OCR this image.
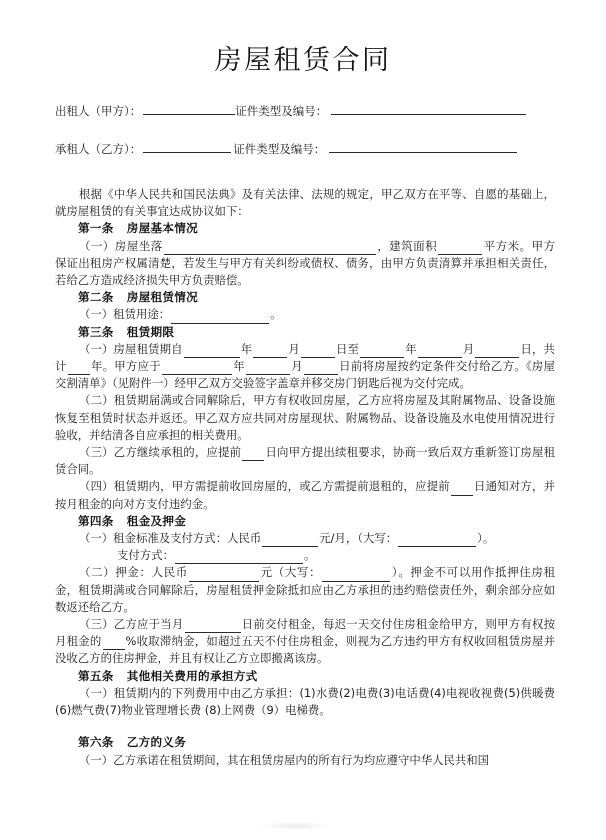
房屋租赁合同
出租人（甲方）：	证件类型及编号：
承租人（乙方）：	证件类型及编号：

根据《中华人民共和国民法典》及有关法律、法规的规定，甲乙双方在平等、自愿的基础上，就房屋租赁的有关事宜达成协议如下：

第一条 房屋基本情况

（一）房屋坐落	，建筑面积	平方米。甲方保证出租房产权属清楚，若发生与甲方有关纠纷或债权、债务，由甲方负责清算并承担相关责任，若给乙方造成经济损失甲方负责赔偿。

第二条 房屋租赁情况

（一）租赁用途：	。

第三条 租赁期限

（一）房屋租赁期自	年	月	日至	年	月	日，共计 年。甲方应于	年	月	日前将房屋按约定条件交付给乙方。《房屋交割清单》（见附件一）经甲乙双方交验签字盖章并移交房门钥匙后视为交付完成。

（二）租赁期届满或合同解除后，甲方有权收回房屋，乙方应将房屋及其附属物品、设备设施恢复至租赁时状态并返还。甲乙双方应共同对房屋现状、附属物品、设备设施及水电使用情况进行验收，并结清各自应承担的相关费用。

（三）乙方继续承租的，应提前 日向甲方提出续租要求，协商一致后双方重新签订房屋租赁合同。

（四）租赁期内，甲方需提前收回房屋的，或乙方需提前退租的，应提前 日通知对方，并按月租金的向对方支付违约金。

第四条 租金及押金

（一）租金标准及支付方式：人民币	元/月，（大写：	）。

支付方式：	。

（二）押金：人民币	元（大写：	）。押金不可以用作抵押住房租金，租赁期满或合同解除后，房屋租赁押金除抵扣应由乙方承担的违约赔偿责任外，剩余部分应如数返还给乙方。

（三）乙方应于当月	日前交付租金，每迟一天交付住房租金给甲方，则甲方有权按月租金的 %收取滞纳金，如超过五天不付住房租金，则视为乙方违约甲方有权收回租赁房屋并没收乙方的住房押金，并且有权让乙方立即搬离该房。

第五条 其他相关费用的承担方式

（一）租赁期内的下列费用中由乙方承担：(1)水费(2)电费(3)电话费(4)电视收视费(5)供暖费(6)燃气费(7)物业管理增长费 (8)上网费（9）电梯费。

第六条 乙方的义务

（一）乙方承诺在租赁期间，其在租赁房屋内的所有行为均应遵守中华人民共和国
